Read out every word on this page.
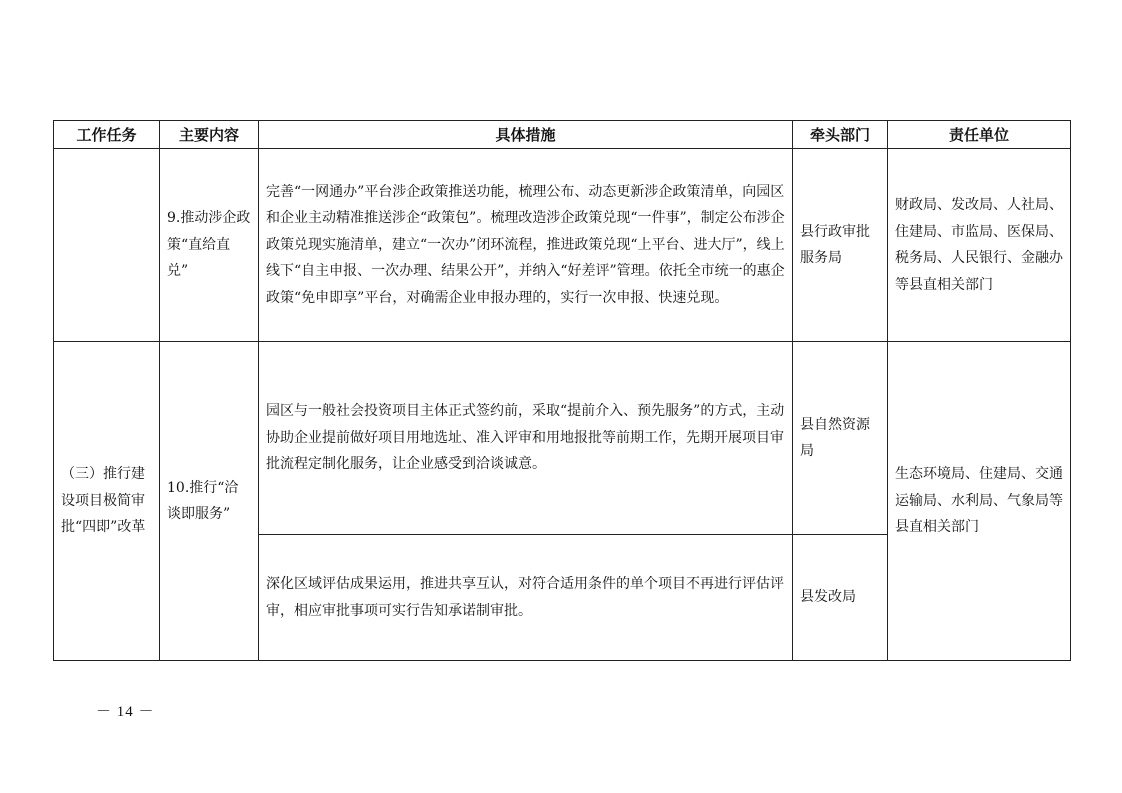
工作任务	主要内容	具体措施	牵头部门	责任单位
	9.推动涉企政策“直给直兑”	完善“一网通办”平台涉企政策推送功能，梳理公布、动态更新涉企政策清单，向园区和企业主动精准推送涉企“政策包”。梳理改造涉企政策兑现“一件事”，制定公布涉企政策兑现实施清单，建立“一次办”闭环流程，推进政策兑现“上平台、进大厅”，线上线下“自主申报、一次办理、结果公开”，并纳入“好差评”管理。依托全市统一的惠企政策“免申即享”平台，对确需企业申报办理的，实行一次申报、快速兑现。	县行政审批服务局	财政局、发改局、人社局、住建局、市监局、医保局、税务局、人民银行、金融办等县直相关部门
（三）推行建设项目极简审批“四即”改革	10.推行“洽谈即服务”	园区与一般社会投资项目主体正式签约前，采取“提前介入、预先服务”的方式，主动协助企业提前做好项目用地选址、准入评审和用地报批等前期工作，先期开展项目审批流程定制化服务，让企业感受到洽谈诚意。	县自然资源局	生态环境局、住建局、交通运输局、水利局、气象局等县直相关部门
		深化区域评估成果运用，推进共享互认，对符合适用条件的单个项目不再进行评估评审，相应审批事项可实行告知承诺制审批。	县发改局	
－ 14 －
